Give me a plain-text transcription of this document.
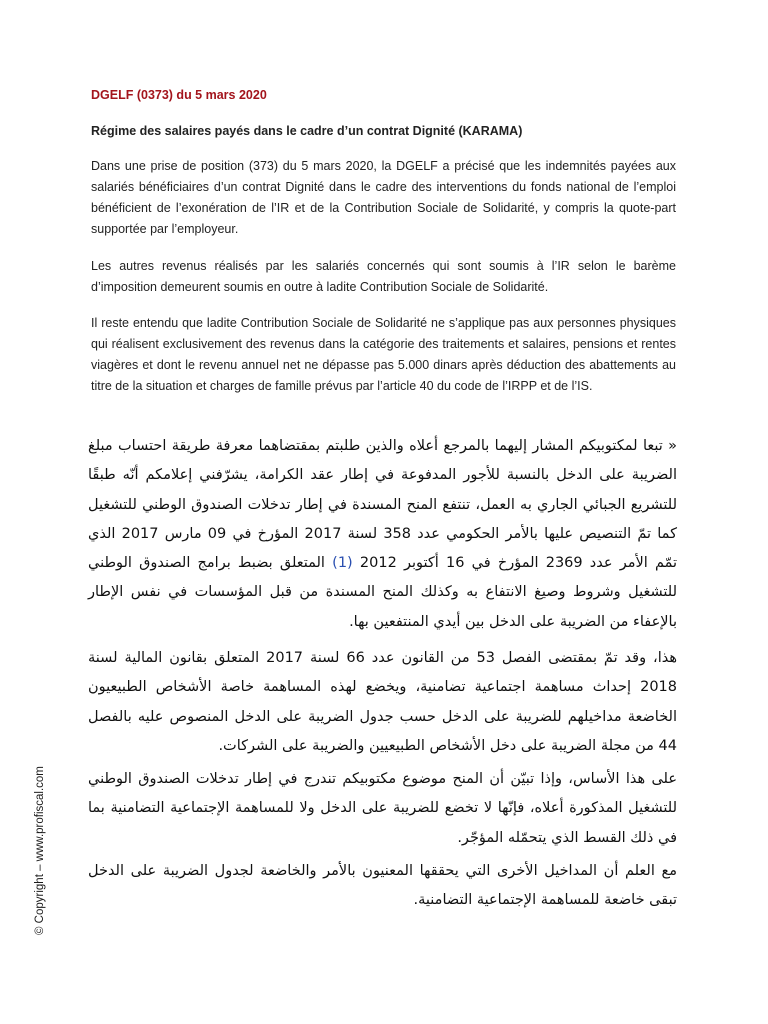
© Copyright – www.profiscal.com
DGELF (0373) du 5 mars 2020
Régime des salaires payés dans le cadre d’un contrat Dignité (KARAMA)

Dans une prise de position (373) du 5 mars 2020, la DGELF a précisé que les indemnités payées aux salariés bénéficiaires d’un contrat Dignité dans le cadre des interventions du fonds national de l’emploi bénéficient de l’exonération de l’IR et de la Contribution Sociale de Solidarité, y compris la quote-part supportée par l’employeur.

Les autres revenus réalisés par les salariés concernés qui sont soumis à l’IR selon le barème d’imposition demeurent soumis en outre à ladite Contribution Sociale de Solidarité.

Il reste entendu que ladite Contribution Sociale de Solidarité ne s’applique pas aux personnes physiques qui réalisent exclusivement des revenus dans la catégorie des traitements et salaires, pensions et rentes viagères et dont le revenu annuel net ne dépasse pas 5.000 dinars après déduction des abattements au titre de la situation et charges de famille prévus par l’article 40 du code de l’IRPP et de l’IS.

« تبعا لمكتوبيكم المشار إليهما بالمرجع أعلاه والذين طلبتم بمقتضاهما معرفة طريقة احتساب مبلغ الضريبة على الدخل بالنسبة للأجور المدفوعة في إطار عقد الكرامة، يشرّفني إعلامكم أنّه طبقًا للتشريع الجبائي الجاري به العمل، تنتفع المنح المسندة في إطار تدخلات الصندوق الوطني للتشغيل كما تمّ التنصيص عليها بالأمر الحكومي عدد 358 لسنة 2017 المؤرخ في 09 مارس 2017 الذي تمّم الأمر عدد 2369 المؤرخ في 16 أكتوبر 2012 (1) المتعلق بضبط برامج الصندوق الوطني للتشغيل وشروط وصيغ الانتفاع به وكذلك المنح المسندة من قبل المؤسسات في نفس الإطار بالإعفاء من الضريبة على الدخل بين أيدي المنتفعين بها.

هذا، وقد تمّ بمقتضى الفصل 53 من القانون عدد 66 لسنة 2017 المتعلق بقانون المالية لسنة 2018 إحداث مساهمة اجتماعية تضامنية، ويخضع لهذه المساهمة خاصة الأشخاص الطبيعيون الخاضعة مداخيلهم للضريبة على الدخل حسب جدول الضريبة على الدخل المنصوص عليه بالفصل 44 من مجلة الضريبة على دخل الأشخاص الطبيعيين والضريبة على الشركات.

على هذا الأساس، وإذا تبيّن أن المنح موضوع مكتوبيكم تندرج في إطار تدخلات الصندوق الوطني للتشغيل المذكورة أعلاه، فإنّها لا تخضع للضريبة على الدخل ولا للمساهمة الإجتماعية التضامنية بما في ذلك القسط الذي يتحمّله المؤجّر.

مع العلم أن المداخيل الأخرى التي يحققها المعنيون بالأمر والخاضعة لجدول الضريبة على الدخل تبقى خاضعة للمساهمة الإجتماعية التضامنية.
